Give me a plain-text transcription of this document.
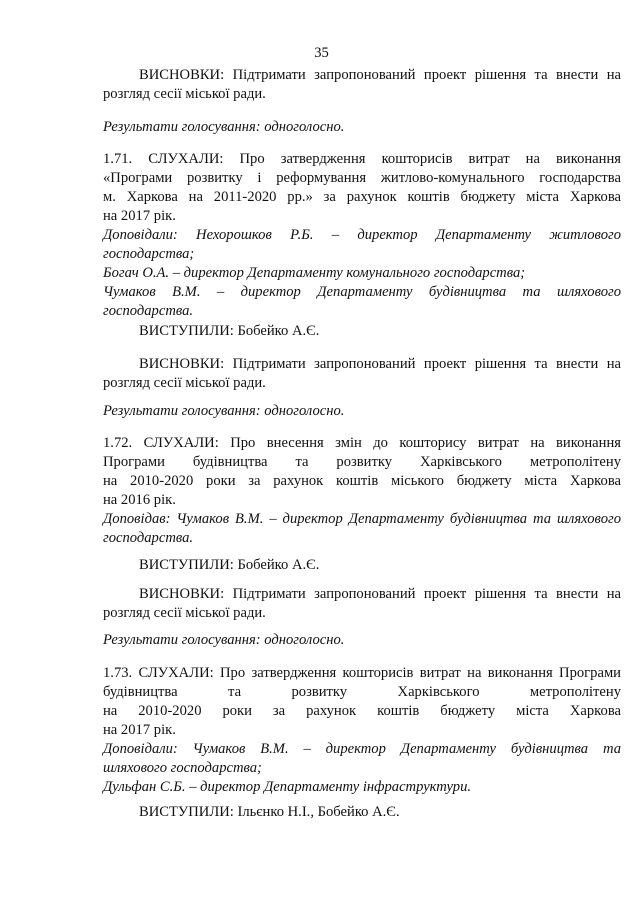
35

ВИСНОВКИ: Підтримати запропонований проект рішення та внести на

розгляд сесії міської ради.

Результати голосування: одноголосно.

1.71. СЛУХАЛИ: Про затвердження кошторисів витрат на виконання

«Програми розвитку і реформування житлово-комунального господарства

м. Харкова на 2011-2020 рр.» за рахунок коштів бюджету міста Харкова

на 2017 рік.

Доповідали: Нехорошков Р.Б. – директор Департаменту житлового

господарства;

Богач О.А. – директор Департаменту комунального господарства;

Чумаков В.М. – директор Департаменту будівництва та шляхового

господарства.

ВИСТУПИЛИ: Бобейко А.Є.

ВИСНОВКИ: Підтримати запропонований проект рішення та внести на

розгляд сесії міської ради.

Результати голосування: одноголосно.

1.72. СЛУХАЛИ: Про внесення змін до кошторису витрат на виконання

Програми будівництва та розвитку Харківського метрополітену

на 2010-2020 роки за рахунок коштів міського бюджету міста Харкова

на 2016 рік.

Доповідав: Чумаков В.М. – директор Департаменту будівництва та шляхового

господарства.

ВИСТУПИЛИ: Бобейко А.Є.

ВИСНОВКИ: Підтримати запропонований проект рішення та внести на

розгляд сесії міської ради.

Результати голосування: одноголосно.

1.73. СЛУХАЛИ: Про затвердження кошторисів витрат на виконання Програми

будівництва та розвитку Харківського метрополітену

на 2010-2020 роки за рахунок коштів бюджету міста Харкова

на 2017 рік.

Доповідали: Чумаков В.М. – директор Департаменту будівництва та

шляхового господарства;

Дульфан С.Б. – директор Департаменту інфраструктури.

ВИСТУПИЛИ: Ільєнко Н.І., Бобейко А.Є.
